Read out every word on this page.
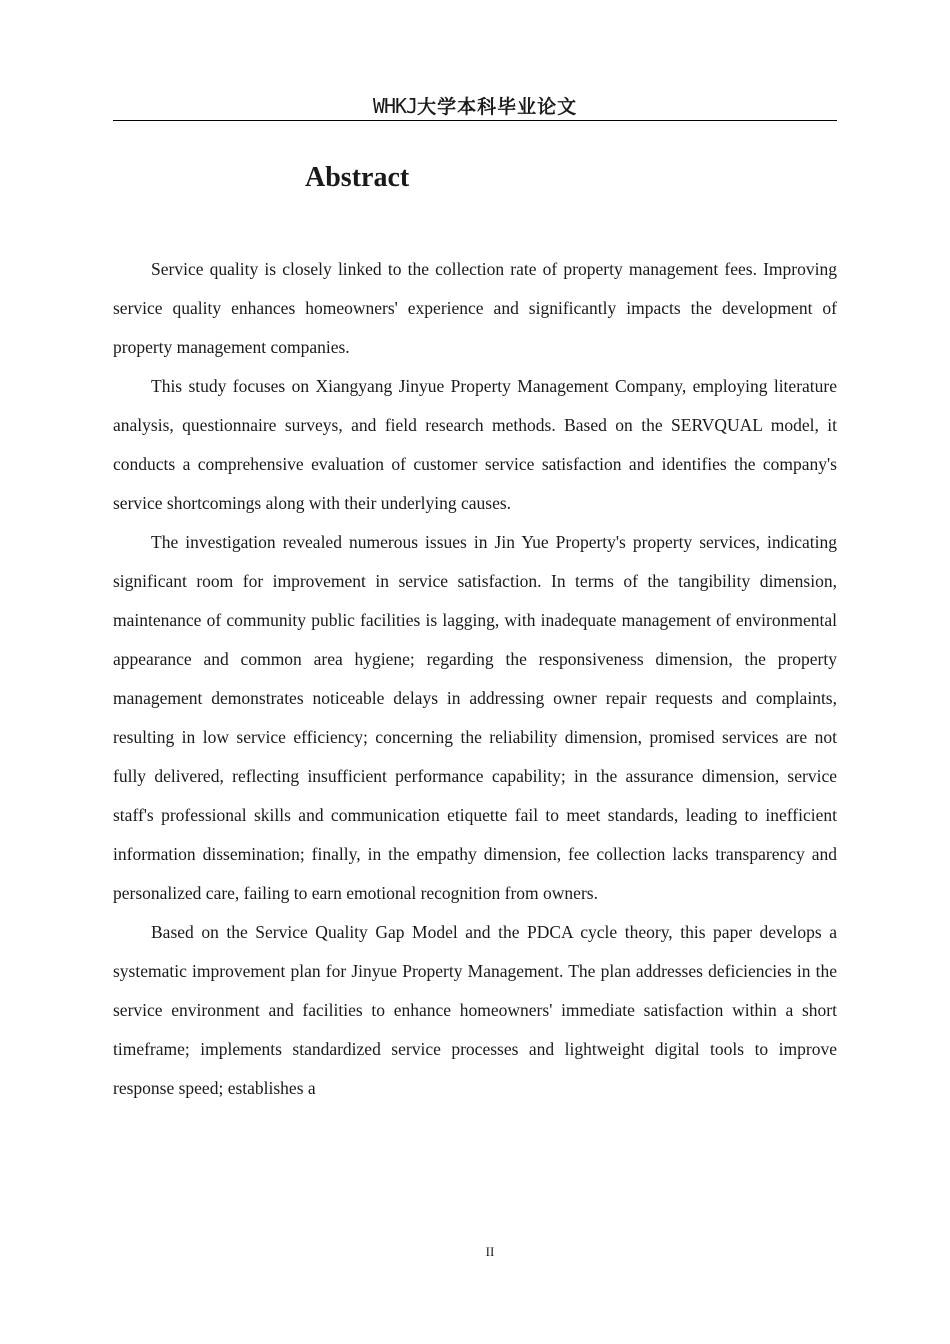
WHKJ大学本科毕业论文
Abstract

Service quality is closely linked to the collection rate of property management fees. Improving service quality enhances homeowners' experience and significantly impacts the development of property management companies.

This study focuses on Xiangyang Jinyue Property Management Company, employing literature analysis, questionnaire surveys, and field research methods. Based on the SERVQUAL model, it conducts a comprehensive evaluation of customer service satisfaction and identifies the company's service shortcomings along with their underlying causes.

The investigation revealed numerous issues in Jin Yue Property's property services, indicating significant room for improvement in service satisfaction. In terms of the tangibility dimension, maintenance of community public facilities is lagging, with inadequate management of environmental appearance and common area hygiene; regarding the responsiveness dimension, the property management demonstrates noticeable delays in addressing owner repair requests and complaints, resulting in low service efficiency; concerning the reliability dimension, promised services are not fully delivered, reflecting insufficient performance capability; in the assurance dimension, service staff's professional skills and communication etiquette fail to meet standards, leading to inefficient information dissemination; finally, in the empathy dimension, fee collection lacks transparency and personalized care, failing to earn emotional recognition from owners.

Based on the Service Quality Gap Model and the PDCA cycle theory, this paper develops a systematic improvement plan for Jinyue Property Management. The plan addresses deficiencies in the service environment and facilities to enhance homeowners' immediate satisfaction within a short timeframe; implements standardized service processes and lightweight digital tools to improve response speed; establishes a

II
